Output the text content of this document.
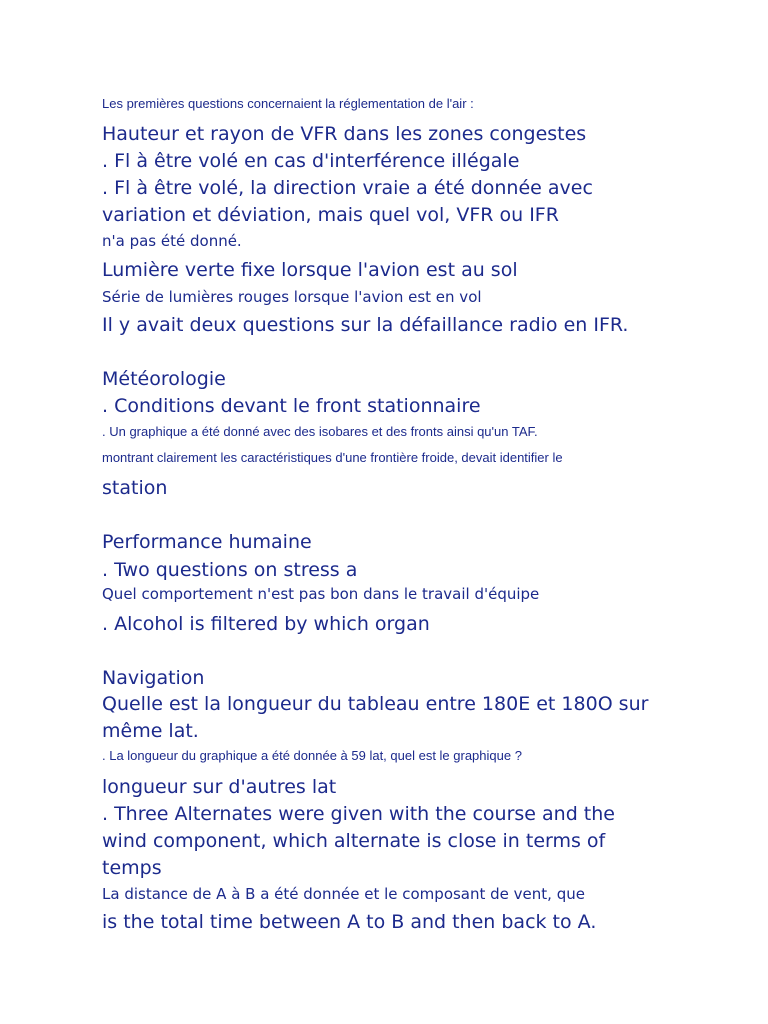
Les premières questions concernaient la réglementation de l'air :

Hauteur et rayon de VFR dans les zones congestes

. Fl à être volé en cas d'interférence illégale

. Fl à être volé, la direction vraie a été donnée avec

variation et déviation, mais quel vol, VFR ou IFR

n'a pas été donné.

Lumière verte fixe lorsque l'avion est au sol

Série de lumières rouges lorsque l'avion est en vol

Il y avait deux questions sur la défaillance radio en IFR.

Météorologie

. Conditions devant le front stationnaire

. Un graphique a été donné avec des isobares et des fronts ainsi qu'un TAF.

montrant clairement les caractéristiques d'une frontière froide, devait identifier le

station

Performance humaine

. Two questions on stress a

Quel comportement n'est pas bon dans le travail d'équipe

. Alcohol is filtered by which organ

Navigation

Quelle est la longueur du tableau entre 180E et 180O sur

même lat.

. La longueur du graphique a été donnée à 59 lat, quel est le graphique ?

longueur sur d'autres lat

. Three Alternates were given with the course and the

wind component, which alternate is close in terms of

temps

La distance de A à B a été donnée et le composant de vent, que

is the total time between A to B and then back to A.
